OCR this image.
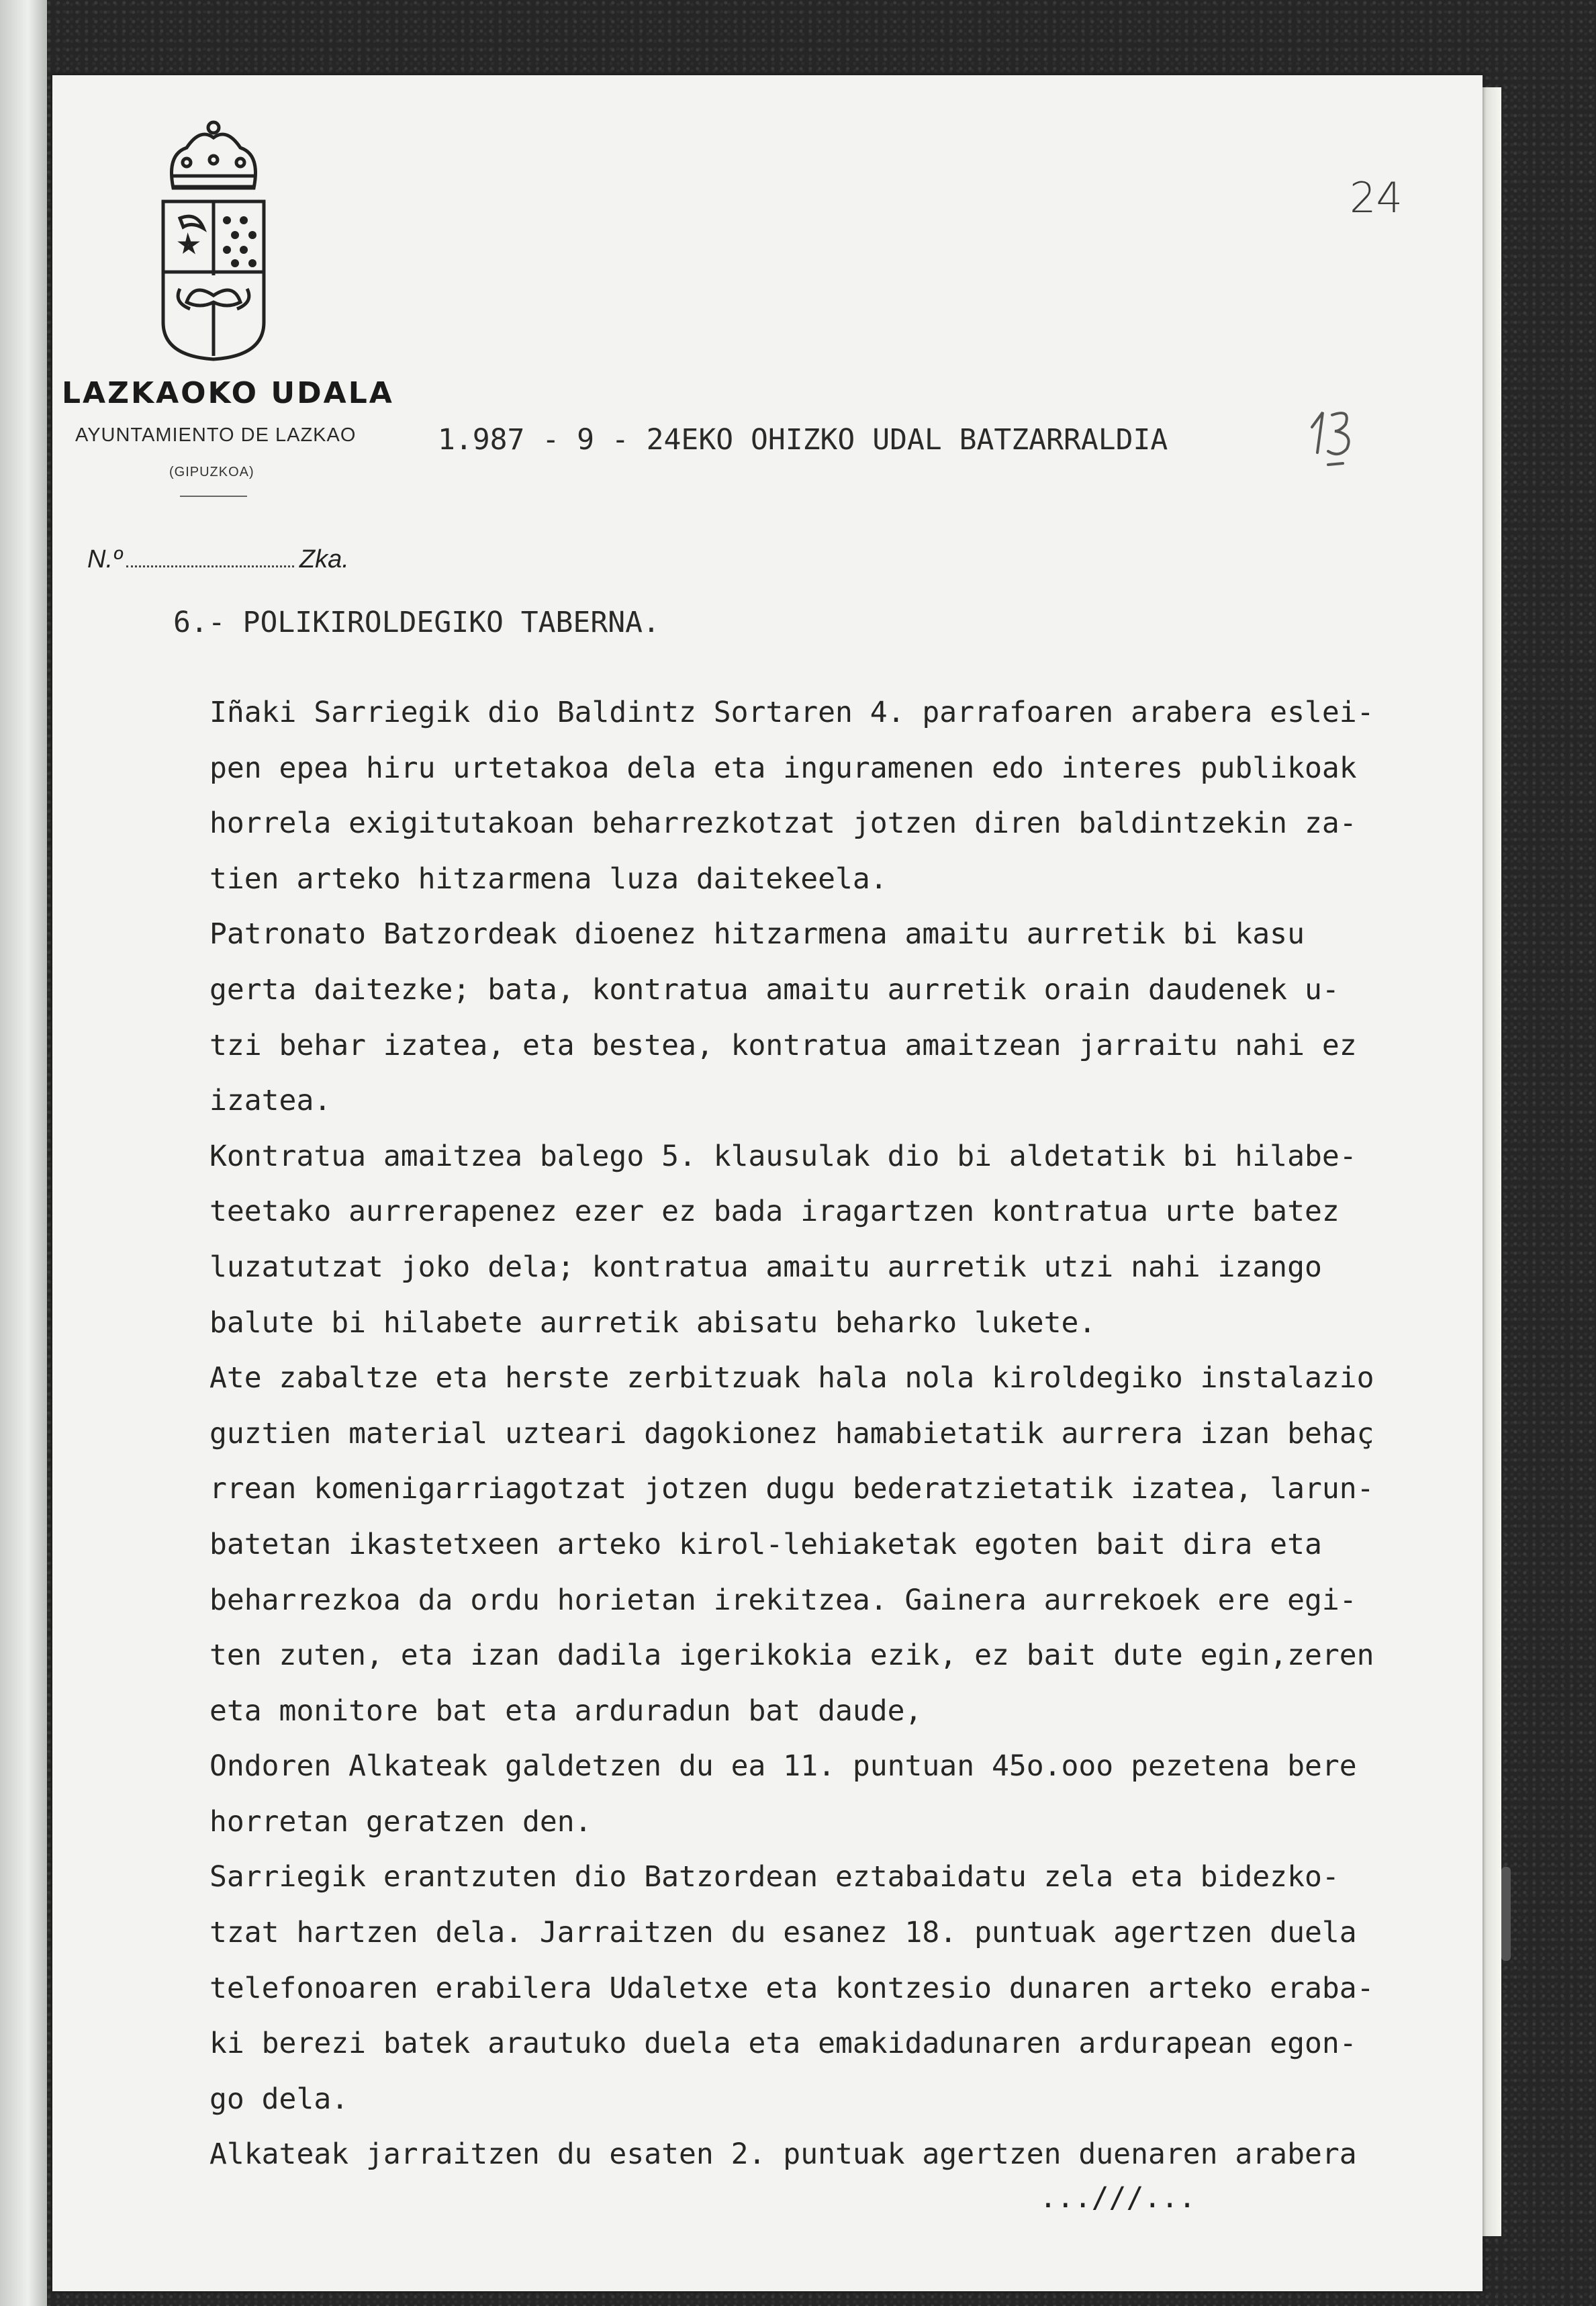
LAZKAOKO UDALA
AYUNTAMIENTO DE LAZKAO
(GIPUZKOA)
N.º	Zka.
24
1.987 - 9 - 24EKO OHIZKO UDAL BATZARRALDIA
6.- POLIKIROLDEGIKO TABERNA.
Iñaki Sarriegik dio Baldintz Sortaren 4. parrafoaren arabera eslei-
pen epea hiru urtetakoa dela eta inguramenen edo interes publikoak
horrela exigitutakoan beharrezkotzat jotzen diren baldintzekin za-
tien arteko hitzarmena luza daitekeela.
Patronato Batzordeak dioenez hitzarmena amaitu aurretik bi kasu
gerta daitezke; bata, kontratua amaitu aurretik orain daudenek u-
tzi behar izatea, eta bestea, kontratua amaitzean jarraitu nahi ez
izatea.
Kontratua amaitzea balego 5. klausulak dio bi aldetatik bi hilabe-
teetako aurrerapenez ezer ez bada iragartzen kontratua urte batez
luzatutzat joko dela; kontratua amaitu aurretik utzi nahi izango
balute bi hilabete aurretik abisatu beharko lukete.
Ate zabaltze eta herste zerbitzuak hala nola kiroldegiko instalazio
guztien material uzteari dagokionez hamabietatik aurrera izan behaç
rrean komenigarriagotzat jotzen dugu bederatzietatik izatea, larun-
batetan ikastetxeen arteko kirol-lehiaketak egoten bait dira eta
beharrezkoa da ordu horietan irekitzea. Gainera aurrekoek ere egi-
ten zuten, eta izan dadila igerikokia ezik, ez bait dute egin,zeren
eta monitore bat eta arduradun bat daude,
Ondoren Alkateak galdetzen du ea 11. puntuan 45o.ooo pezetena bere
horretan geratzen den.
Sarriegik erantzuten dio Batzordean eztabaidatu zela eta bidezko-
tzat hartzen dela. Jarraitzen du esanez 18. puntuak agertzen duela
telefonoaren erabilera Udaletxe eta kontzesio dunaren arteko eraba-
ki berezi batek arautuko duela eta emakidadunaren ardurapean egon-
go dela.
Alkateak jarraitzen du esaten 2. puntuak agertzen duenaren arabera
...///...
